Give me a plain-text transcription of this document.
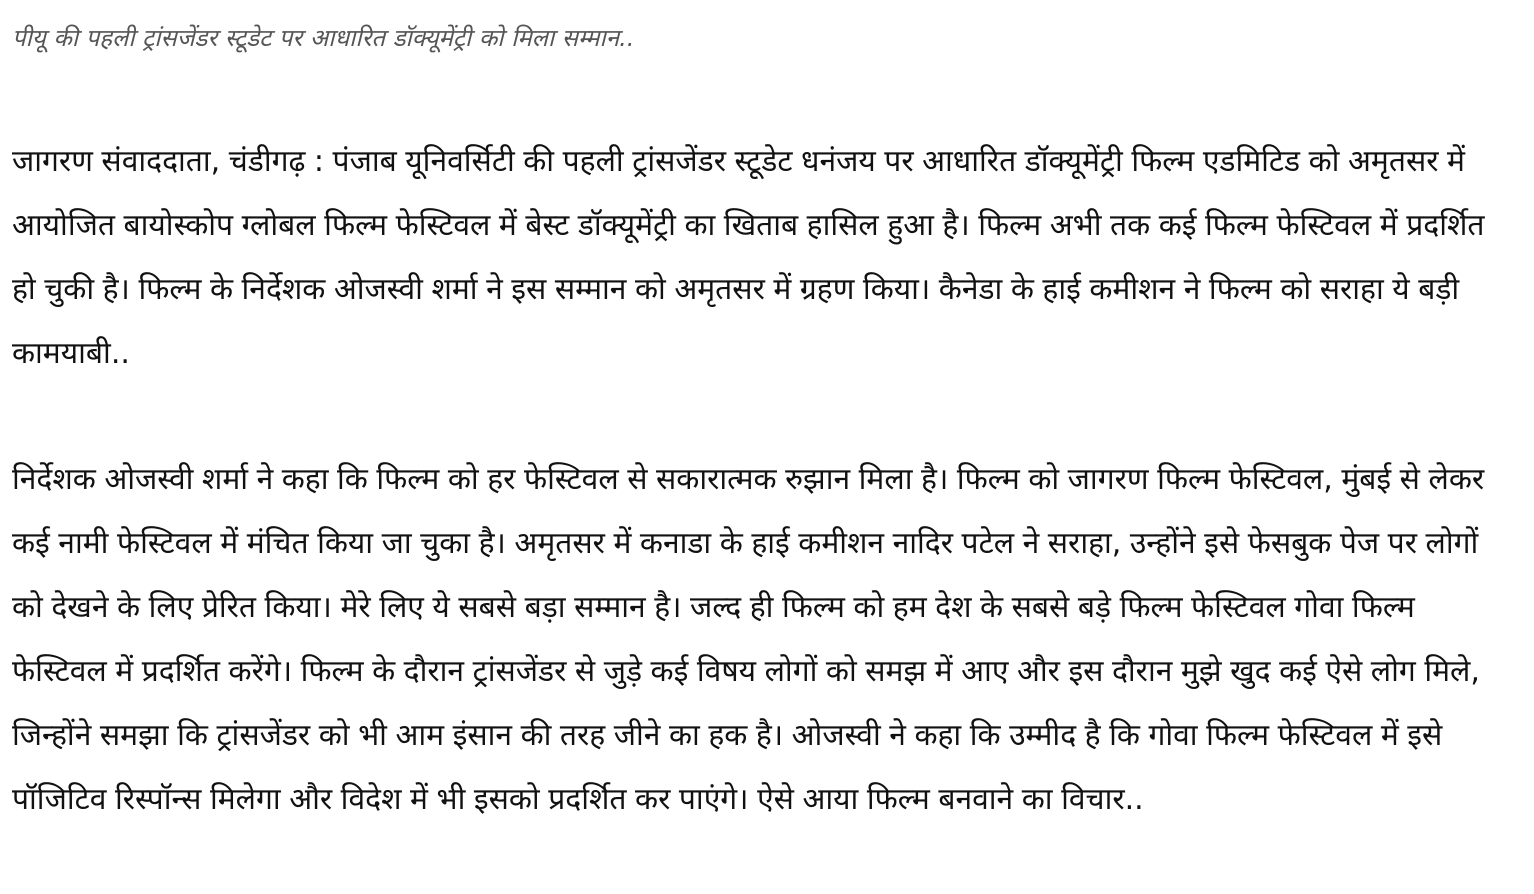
पीयू की पहली ट्रांसजेंडर स्टूडेट पर आधारित डॉक्यूमेंट्री को मिला सम्मान..

जागरण संवाददाता, चंडीगढ़ : पंजाब यूनिवर्सिटी की पहली ट्रांसजेंडर स्टूडेट धनंजय पर आधारित डॉक्यूमेंट्री फिल्म एडमिटिड को अमृतसर में आयोजित बायोस्कोप ग्लोबल फिल्म फेस्टिवल में बेस्ट डॉक्यूमेंट्री का खिताब हासिल हुआ है। फिल्म अभी तक कई फिल्म फेस्टिवल में प्रदर्शित हो चुकी है। फिल्म के निर्देशक ओजस्वी शर्मा ने इस सम्मान को अमृतसर में ग्रहण किया। कैनेडा के हाई कमीशन ने फिल्म को सराहा ये बड़ी कामयाबी..

निर्देशक ओजस्वी शर्मा ने कहा कि फिल्म को हर फेस्टिवल से सकारात्मक रुझान मिला है। फिल्म को जागरण फिल्म फेस्टिवल, मुंबई से लेकर कई नामी फेस्टिवल में मंचित किया जा चुका है। अमृतसर में कनाडा के हाई कमीशन नादिर पटेल ने सराहा, उन्होंने इसे फेसबुक पेज पर लोगों को देखने के लिए प्रेरित किया। मेरे लिए ये सबसे बड़ा सम्मान है। जल्द ही फिल्म को हम देश के सबसे बड़े फिल्म फेस्टिवल गोवा फिल्म फेस्टिवल में प्रदर्शित करेंगे। फिल्म के दौरान ट्रांसजेंडर से जुड़े कई विषय लोगों को समझ में आए और इस दौरान मुझे खुद कई ऐसे लोग मिले, जिन्होंने समझा कि ट्रांसजेंडर को भी आम इंसान की तरह जीने का हक है। ओजस्वी ने कहा कि उम्मीद है कि गोवा फिल्म फेस्टिवल में इसे पॉजिटिव रिस्पॉन्स मिलेगा और विदेश में भी इसको प्रदर्शित कर पाएंगे। ऐसे आया फिल्म बनवाने का विचार..
